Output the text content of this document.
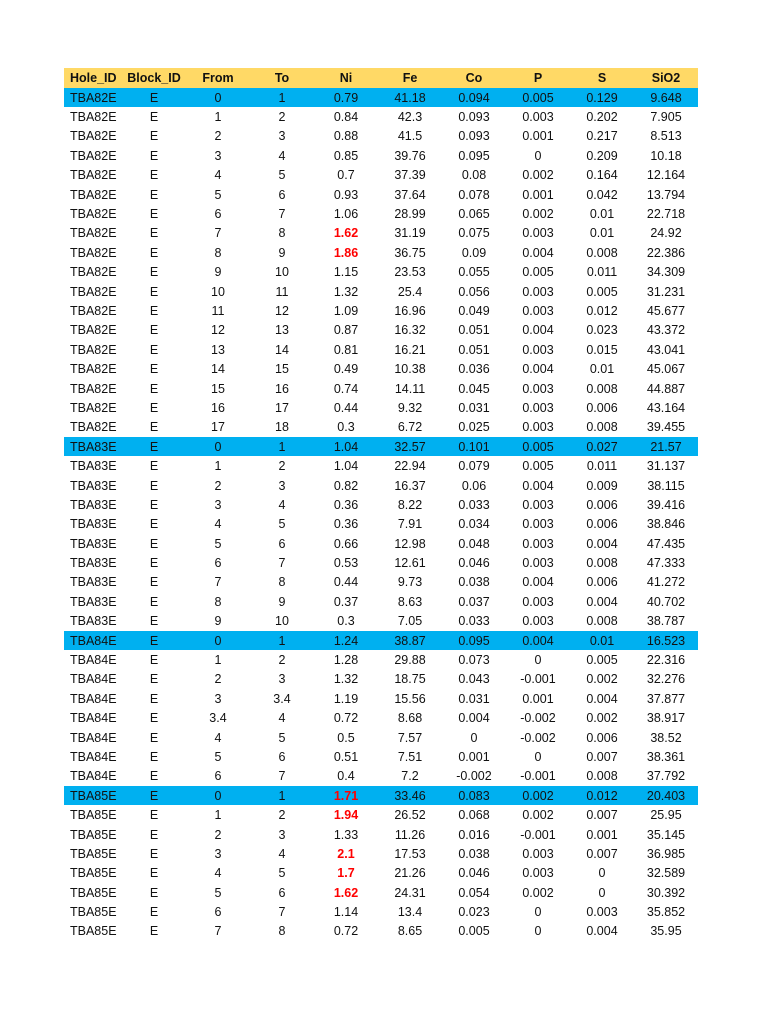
Hole_ID	Block_ID	From	To	Ni	Fe	Co	P	S	SiO2
TBA82E	E	0	1	0.79	41.18	0.094	0.005	0.129	9.648
TBA82E	E	1	2	0.84	42.3	0.093	0.003	0.202	7.905
TBA82E	E	2	3	0.88	41.5	0.093	0.001	0.217	8.513
TBA82E	E	3	4	0.85	39.76	0.095	0	0.209	10.18
TBA82E	E	4	5	0.7	37.39	0.08	0.002	0.164	12.164
TBA82E	E	5	6	0.93	37.64	0.078	0.001	0.042	13.794
TBA82E	E	6	7	1.06	28.99	0.065	0.002	0.01	22.718
TBA82E	E	7	8	1.62	31.19	0.075	0.003	0.01	24.92
TBA82E	E	8	9	1.86	36.75	0.09	0.004	0.008	22.386
TBA82E	E	9	10	1.15	23.53	0.055	0.005	0.011	34.309
TBA82E	E	10	11	1.32	25.4	0.056	0.003	0.005	31.231
TBA82E	E	11	12	1.09	16.96	0.049	0.003	0.012	45.677
TBA82E	E	12	13	0.87	16.32	0.051	0.004	0.023	43.372
TBA82E	E	13	14	0.81	16.21	0.051	0.003	0.015	43.041
TBA82E	E	14	15	0.49	10.38	0.036	0.004	0.01	45.067
TBA82E	E	15	16	0.74	14.11	0.045	0.003	0.008	44.887
TBA82E	E	16	17	0.44	9.32	0.031	0.003	0.006	43.164
TBA82E	E	17	18	0.3	6.72	0.025	0.003	0.008	39.455
TBA83E	E	0	1	1.04	32.57	0.101	0.005	0.027	21.57
TBA83E	E	1	2	1.04	22.94	0.079	0.005	0.011	31.137
TBA83E	E	2	3	0.82	16.37	0.06	0.004	0.009	38.115
TBA83E	E	3	4	0.36	8.22	0.033	0.003	0.006	39.416
TBA83E	E	4	5	0.36	7.91	0.034	0.003	0.006	38.846
TBA83E	E	5	6	0.66	12.98	0.048	0.003	0.004	47.435
TBA83E	E	6	7	0.53	12.61	0.046	0.003	0.008	47.333
TBA83E	E	7	8	0.44	9.73	0.038	0.004	0.006	41.272
TBA83E	E	8	9	0.37	8.63	0.037	0.003	0.004	40.702
TBA83E	E	9	10	0.3	7.05	0.033	0.003	0.008	38.787
TBA84E	E	0	1	1.24	38.87	0.095	0.004	0.01	16.523
TBA84E	E	1	2	1.28	29.88	0.073	0	0.005	22.316
TBA84E	E	2	3	1.32	18.75	0.043	-0.001	0.002	32.276
TBA84E	E	3	3.4	1.19	15.56	0.031	0.001	0.004	37.877
TBA84E	E	3.4	4	0.72	8.68	0.004	-0.002	0.002	38.917
TBA84E	E	4	5	0.5	7.57	0	-0.002	0.006	38.52
TBA84E	E	5	6	0.51	7.51	0.001	0	0.007	38.361
TBA84E	E	6	7	0.4	7.2	-0.002	-0.001	0.008	37.792
TBA85E	E	0	1	1.71	33.46	0.083	0.002	0.012	20.403
TBA85E	E	1	2	1.94	26.52	0.068	0.002	0.007	25.95
TBA85E	E	2	3	1.33	11.26	0.016	-0.001	0.001	35.145
TBA85E	E	3	4	2.1	17.53	0.038	0.003	0.007	36.985
TBA85E	E	4	5	1.7	21.26	0.046	0.003	0	32.589
TBA85E	E	5	6	1.62	24.31	0.054	0.002	0	30.392
TBA85E	E	6	7	1.14	13.4	0.023	0	0.003	35.852
TBA85E	E	7	8	0.72	8.65	0.005	0	0.004	35.95
